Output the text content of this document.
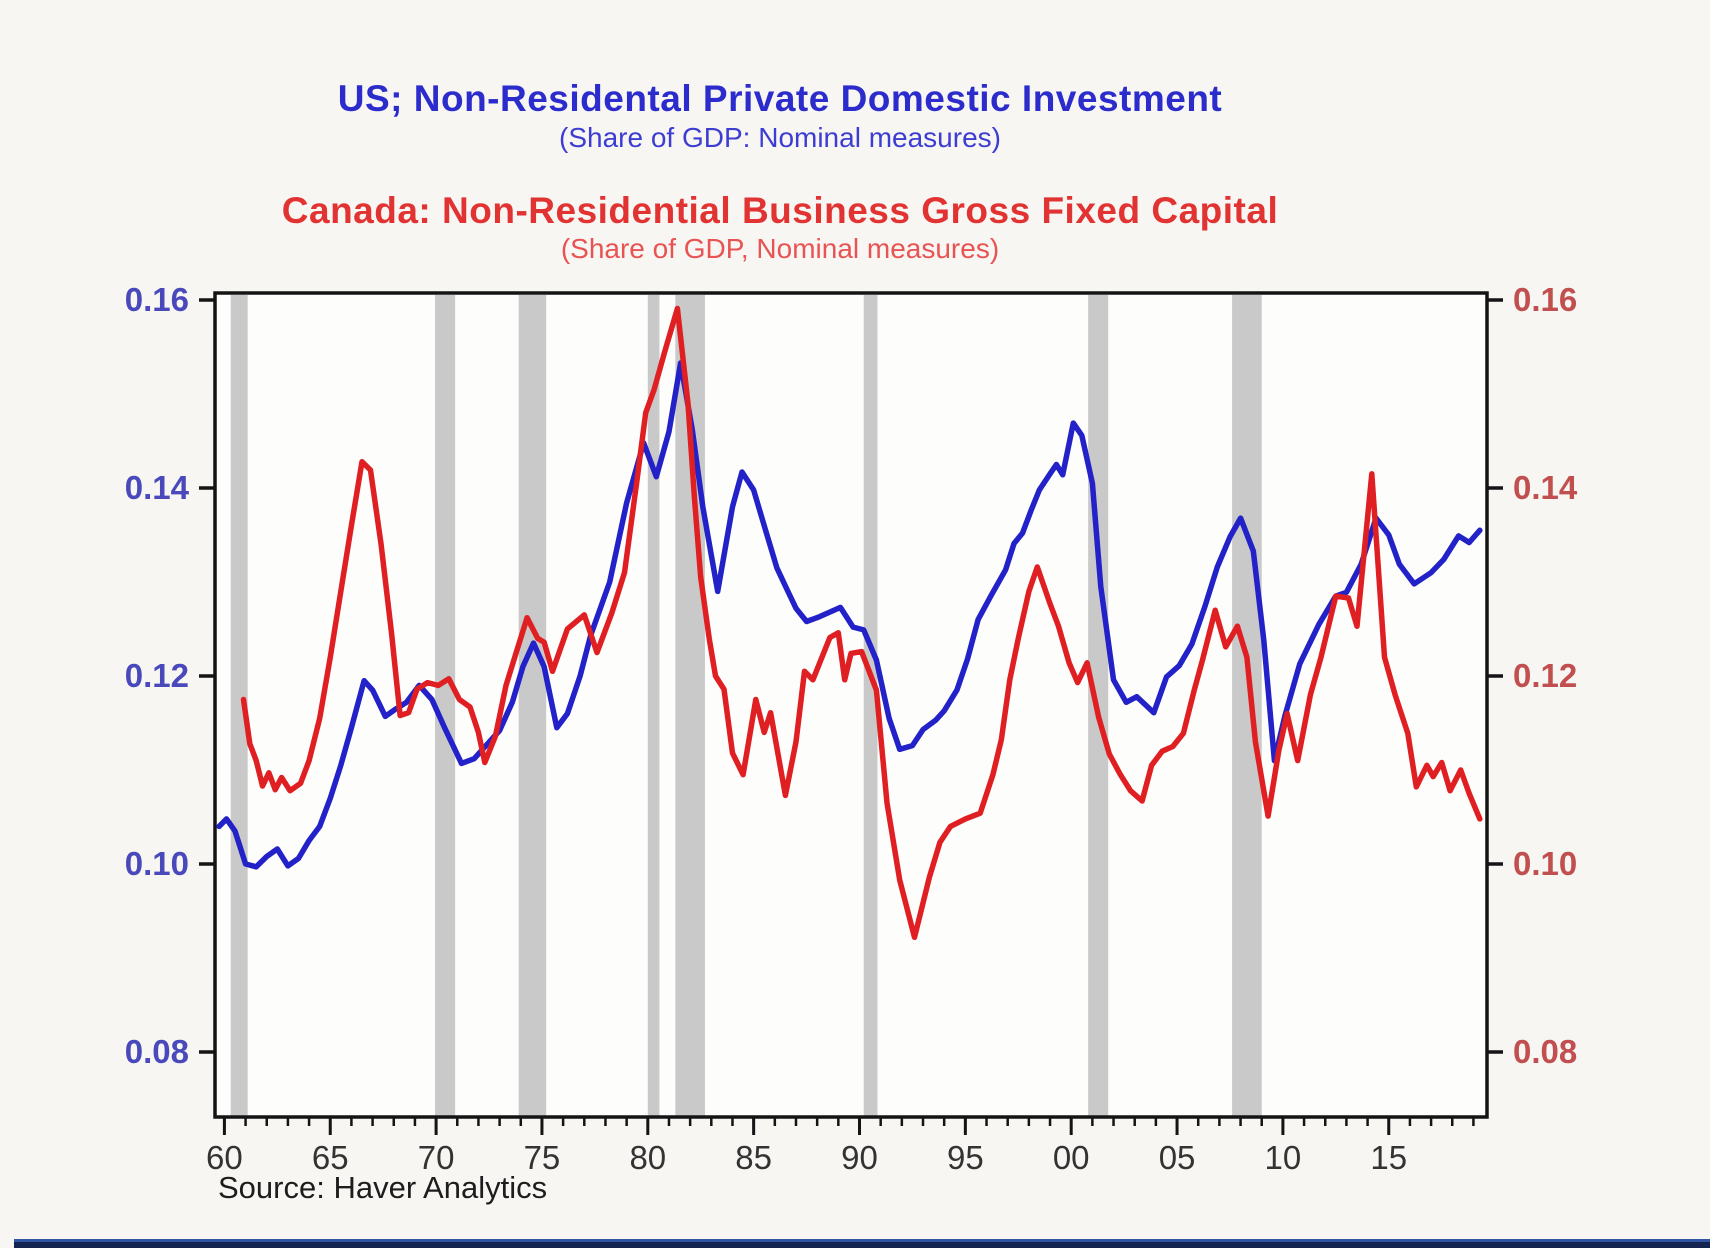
US; Non-Residental Private Domestic Investment
(Share of GDP: Nominal measures)
Canada: Non-Residential Business Gross Fixed Capital
(Share of GDP, Nominal measures)
0.16	0.16
0.14	0.14
0.12	0.12
0.10	0.10
0.08	0.08
60 65 70 75 80 85 90 95 00 05 10 15
Source: Haver Analytics
